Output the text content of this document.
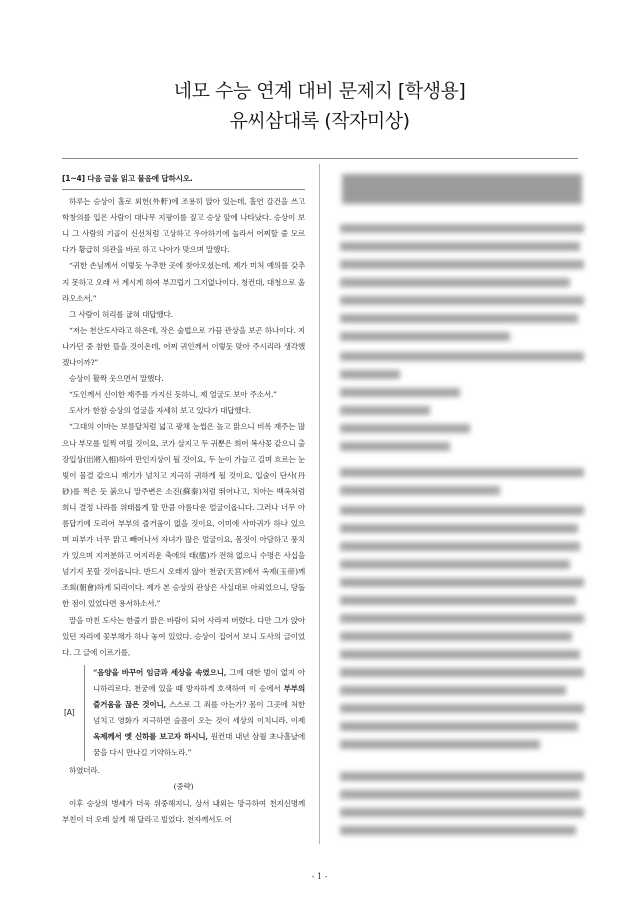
네모 수능 연계 대비 문제지 [학생용]
유씨삼대록 (작자미상)

[1~4] 다음 글을 읽고 물음에 답하시오.

하루는 승상이 홀로 외헌(外軒)에 조용히 앉아 있는데, 홀연 갈건을 쓰고 학창의를 입은 사람이 대나무 지팡이를 짚고 승상 앞에 나타났다. 승상이 보니 그 사람의 기골이 신선처럼 고상하고 우아하기에 놀라서 어찌할 줄 모르다가 황급히 의관을 바로 하고 나아가 맞으며 말했다.

“귀한 손님께서 이렇듯 누추한 곳에 찾아오셨는데, 제가 미처 예의를 갖추지 못하고 오래 서 계시게 하여 부끄럽기 그지없나이다. 청컨대, 대청으로 올라오소서.”

그 사람이 허리를 굽혀 대답했다.

“저는 천산도사라고 하온데, 작은 술법으로 가끔 관상을 보곤 하나이다. 지나가던 중 참한 뜰을 것이온데, 어찌 귀인께서 이렇듯 맞아 주시리라 생각했겠나이까?”

승상이 활짝 웃으면서 말했다.

“도인께서 신이한 재주를 가지신 듯하니, 제 얼굴도 보아 주소서.”

도사가 한참 승상의 얼굴을 자세히 보고 있다가 대답했다.

“그대의 이마는 보름달처럼 넓고 광채 눈썹은 높고 맑으니 비록 재주는 많으나 부모를 일찍 여읠 것이요, 코가 살지고 두 귀뿐은 희어 복사꽃 같으니 출장입상(出將入相)하여 만인지상이 될 것이요, 두 눈이 가늘고 길며 흐르는 눈빛이 물결 같으니 재기가 넘치고 지극히 귀하게 될 것이요, 입술이 단사(丹砂)를 찍은 듯 붉으니 말주변은 소진(蘇秦)처럼 뛰어나고, 치아는 백옥처럼 희니 결정 나라를 위태롭게 할 만큼 아름다운 얼굴이옵니다. 그러나 너무 아름답기에 도리어 부부의 즐거움이 없을 것이요, 이미에 사마귀가 하나 있으며 피부가 너무 맑고 빼어나서 자녀가 많은 얼굴이요, 몸짓이 아담하고 풍치가 있으며 지저분하고 어지러운 축에의 태(態)가 전혀 없으니 수명은 사십을 넘기지 못할 것이옵니다. 반드시 오래지 않아 천궁(天宮)에서 옥제(玉帝)께 조회(朝會)하게 되리이다. 제가 본 승상의 관상은 사실대로 아뢰었으니, 당돌한 점이 있었다면 용서하소서.”

말을 마친 도사는 한줄기 맑은 바람이 되어 사라져 버렸다. 다만 그가 앉아 있던 자리에 꽃부채가 하나 놓여 있었다. 승상이 집어서 보니 도사의 글이었다. 그 글에 이르기를,

[A]

“음양을 바꾸어 임금과 세상을 속였으니, 그에 대한 벌이 없지 아니하리로다. 천궁에 있을 때 방자하게 호색하여 이 승에서 부부의 즐거움을 끊은 것이니, 스스로 그 죄를 아는가? 몸이 그곳에 처한 넘치고 영화가 지극하면 슬픔이 오는 것이 세상의 이치니라. 이제 옥제께서 옛 신하를 보고자 하시니, 원컨대 내년 삼월 초나흘날에 꿈을 다시 만나길 기약하노라.”

하였더라.

(중략)

이후 승상의 병세가 더욱 위중해지니, 상서 내외는 망극하여 천지신명께 부친이 더 오래 살게 해 달라고 빌었다. 천자께서도 어

- 1 -
